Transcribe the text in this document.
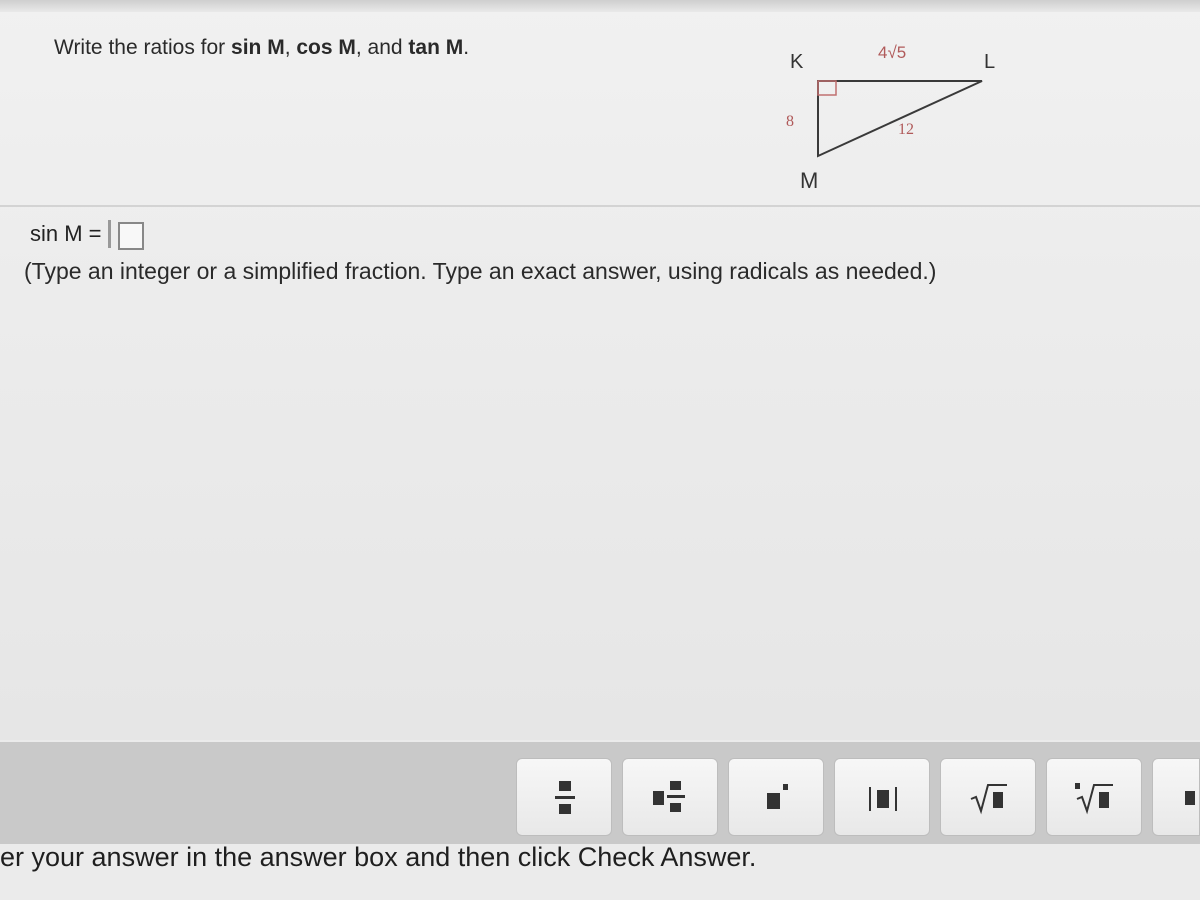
Write the ratios for sin M, cos M, and tan M.
K	L
M
4√5
8	12
sin M =
(Type an integer or a simplified fraction. Type an exact answer, using radicals as needed.)
er your answer in the answer box and then click Check Answer.
